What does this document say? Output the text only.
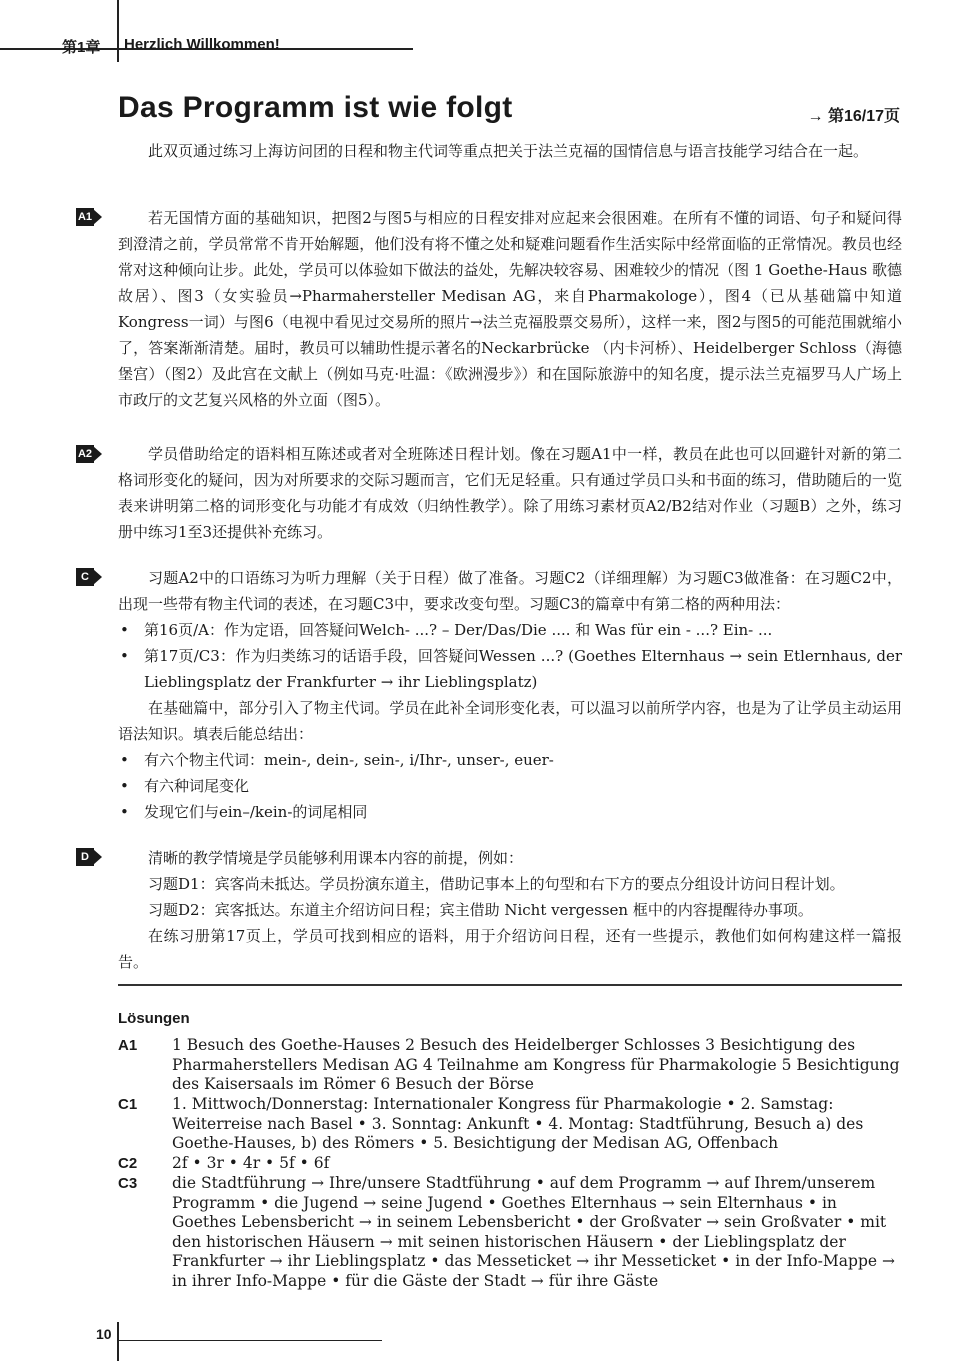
第1章 Herzlich Willkommen!
Das Programm ist wie folgt	→ 第16/17页

此双页通过练习上海访问团的日程和物主代词等重点把关于法兰克福的国情信息与语言技能学习结合在一起。

A1	若无国情方面的基础知识，把图2与图5与相应的日程安排对应起来会很困难。在所有不懂的词语、句子和疑问得到澄清之前，学员常常不肯开始解题，他们没有将不懂之处和疑难问题看作生活实际中经常面临的正常情况。教员也经常对这种倾向让步。此处，学员可以体验如下做法的益处，先解决较容易、困难较少的情况（图 1 Goethe-Haus 歌德故居）、图3（女实验员→Pharmahersteller Medisan AG，来自Pharmakologe），图4（已从基础篇中知道Kongress一词）与图6（电视中看见过交易所的照片→法兰克福股票交易所），这样一来，图2与图5的可能范围就缩小了，答案渐渐清楚。届时，教员可以辅助性提示著名的Neckarbrücke （内卡河桥）、Heidelberger Schloss（海德堡宫）（图2）及此宫在文献上（例如马克·吐温：《欧洲漫步》）和在国际旅游中的知名度，提示法兰克福罗马人广场上市政厅的文艺复兴风格的外立面（图5）。

A2	学员借助给定的语料相互陈述或者对全班陈述日程计划。像在习题A1中一样，教员在此也可以回避针对新的第二格词形变化的疑问，因为对所要求的交际习题而言，它们无足轻重。只有通过学员口头和书面的练习，借助随后的一览表来讲明第二格的词形变化与功能才有成效（归纳性教学）。除了用练习素材页A2/B2结对作业（习题B）之外，练习册中练习1至3还提供补充练习。

C	习题A2中的口语练习为听力理解（关于日程）做了准备。习题C2（详细理解）为习题C3做准备：在习题C2中，出现一些带有物主代词的表述，在习题C3中，要求改变句型。习题C3的篇章中有第二格的两种用法：

• 第16页/A：作为定语，回答疑问Welch- ...? – Der/Das/Die .... 和 Was für ein - ...? Ein- ...
• 第17页/C3：作为归类练习的话语手段，回答疑问Wessen ...? (Goethes Elternhaus → sein Etlernhaus, der Lieblingsplatz der Frankfurter → ihr Lieblingsplatz)

在基础篇中，部分引入了物主代词。学员在此补全词形变化表，可以温习以前所学内容，也是为了让学员主动运用语法知识。填表后能总结出：

• 有六个物主代词：mein-, dein-, sein-, i/Ihr-, unser-, euer-
• 有六种词尾变化
• 发现它们与ein–/kein-的词尾相同
D	清晰的教学情境是学员能够利用课本内容的前提，例如：

习题D1：宾客尚未抵达。学员扮演东道主，借助记事本上的句型和右下方的要点分组设计访问日程计划。

习题D2：宾客抵达。东道主介绍访问日程；宾主借助 Nicht vergessen 框中的内容提醒待办事项。

在练习册第17页上，学员可找到相应的语料，用于介绍访问日程，还有一些提示，教他们如何构建这样一篇报告。

Lösungen
A1 1 Besuch des Goethe-Hauses 2 Besuch des Heidelberger Schlosses 3 Besichtigung des Pharmaherstellers Medisan AG 4 Teilnahme am Kongress für Pharmakologie 5 Besichtigung des Kaisersaals im Römer 6 Besuch der Börse
C1 1. Mittwoch/Donnerstag: Internationaler Kongress für Pharmakologie • 2. Samstag: Weiterreise nach Basel • 3. Sonntag: Ankunft • 4. Montag: Stadtführung, Besuch a) des Goethe-Hauses, b) des Römers • 5. Besichtigung der Medisan AG, Offenbach
C2 2f • 3r • 4r • 5f • 6f
C3 die Stadtführung → Ihre/unsere Stadtführung • auf dem Programm → auf Ihrem/unserem Programm • die Jugend → seine Jugend • Goethes Elternhaus → sein Elternhaus • in Goethes Lebensbericht → in seinem Lebensbericht • der Großvater → sein Großvater • mit den historischen Häusern → mit seinen historischen Häusern • der Lieblingsplatz der Frankfurter → ihr Lieblingsplatz • das Messeticket → ihr Messeticket • in der Info-Mappe → in ihrer Info-Mappe • für die Gäste der Stadt → für ihre Gäste
10
